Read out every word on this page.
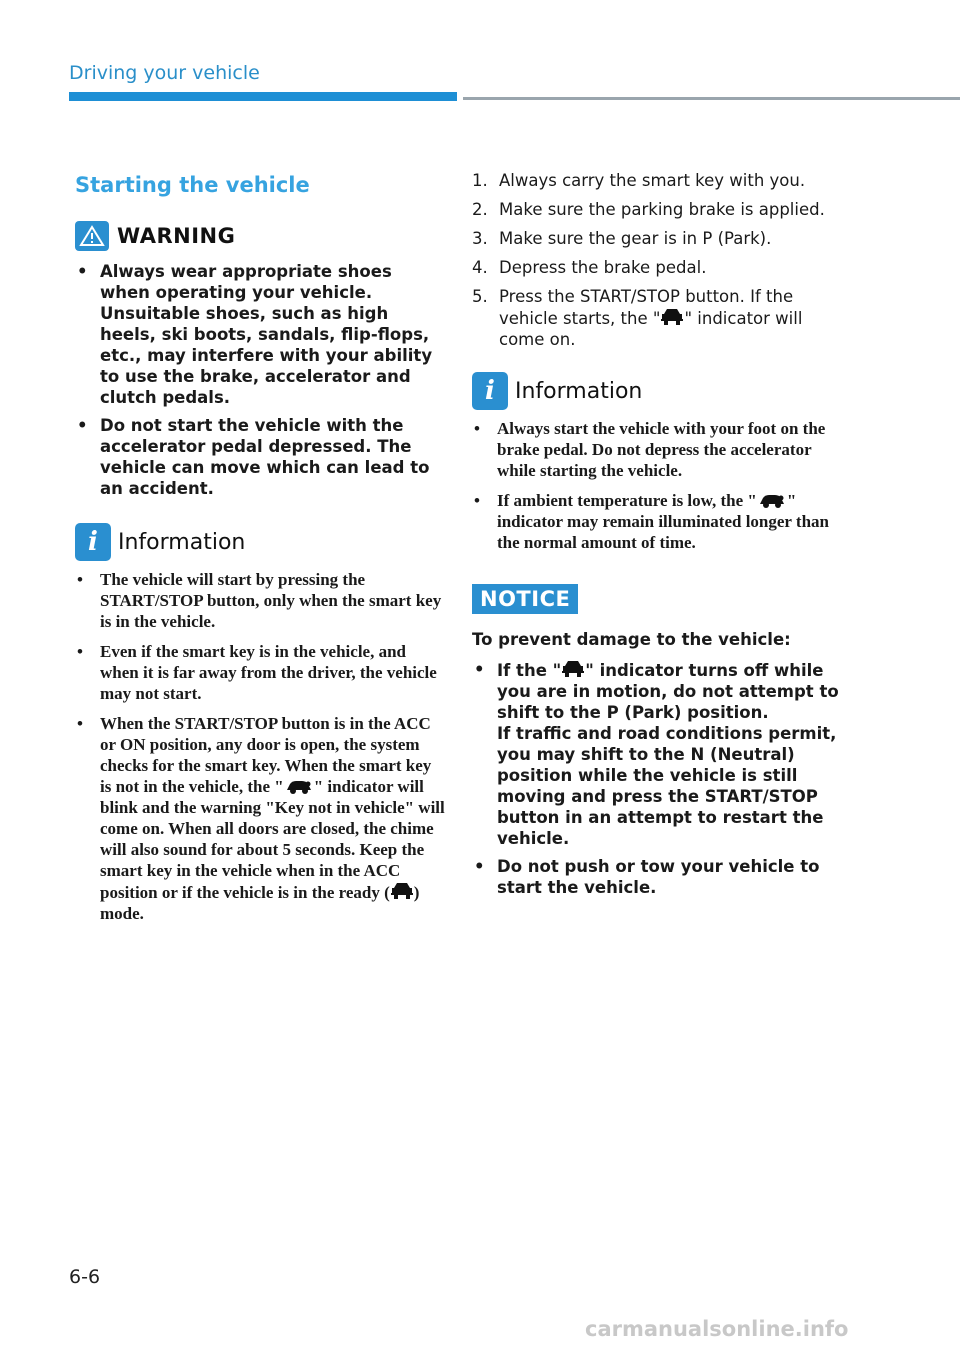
Driving your vehicle
Starting the vehicle
WARNING
• Always wear appropriate shoes when operating your vehicle. Unsuitable shoes, such as high heels, ski boots, sandals, flip-flops, etc., may interfere with your ability to use the brake, accelerator and clutch pedals.
• Do not start the vehicle with the accelerator pedal depressed. The vehicle can move which can lead to an accident.
i Information
• The vehicle will start by pressing the START/STOP button, only when the smart key is in the vehicle.
• Even if the smart key is in the vehicle, and when it is far away from the driver, the vehicle may not start.
• When the START/STOP button is in the ACC or ON position, any door is open, the system checks for the smart key. When the smart key is not in the vehicle, the " " indicator will blink and the warning "Key not in vehicle" will come on. When all doors are closed, the chime will also sound for about 5 seconds. Keep the smart key in the vehicle when in the ACC position or if the vehicle is in the ready ( ) mode.
1. Always carry the smart key with you.
2. Make sure the parking brake is applied.
3. Make sure the gear is in P (Park).
4. Depress the brake pedal.
5. Press the START/STOP button. If the vehicle starts, the " " indicator will come on.
i Information
• Always start the vehicle with your foot on the brake pedal. Do not depress the accelerator while starting the vehicle.
• If ambient temperature is low, the " " indicator may remain illuminated longer than the normal amount of time.
NOTICE
To prevent damage to the vehicle:
• If the " " indicator turns off while you are in motion, do not attempt to shift to the P (Park) position.
If traffic and road conditions permit, you may shift to the N (Neutral) position while the vehicle is still moving and press the START/STOP button in an attempt to restart the vehicle.
• Do not push or tow your vehicle to start the vehicle.
6-6
carmanualsonline.info
